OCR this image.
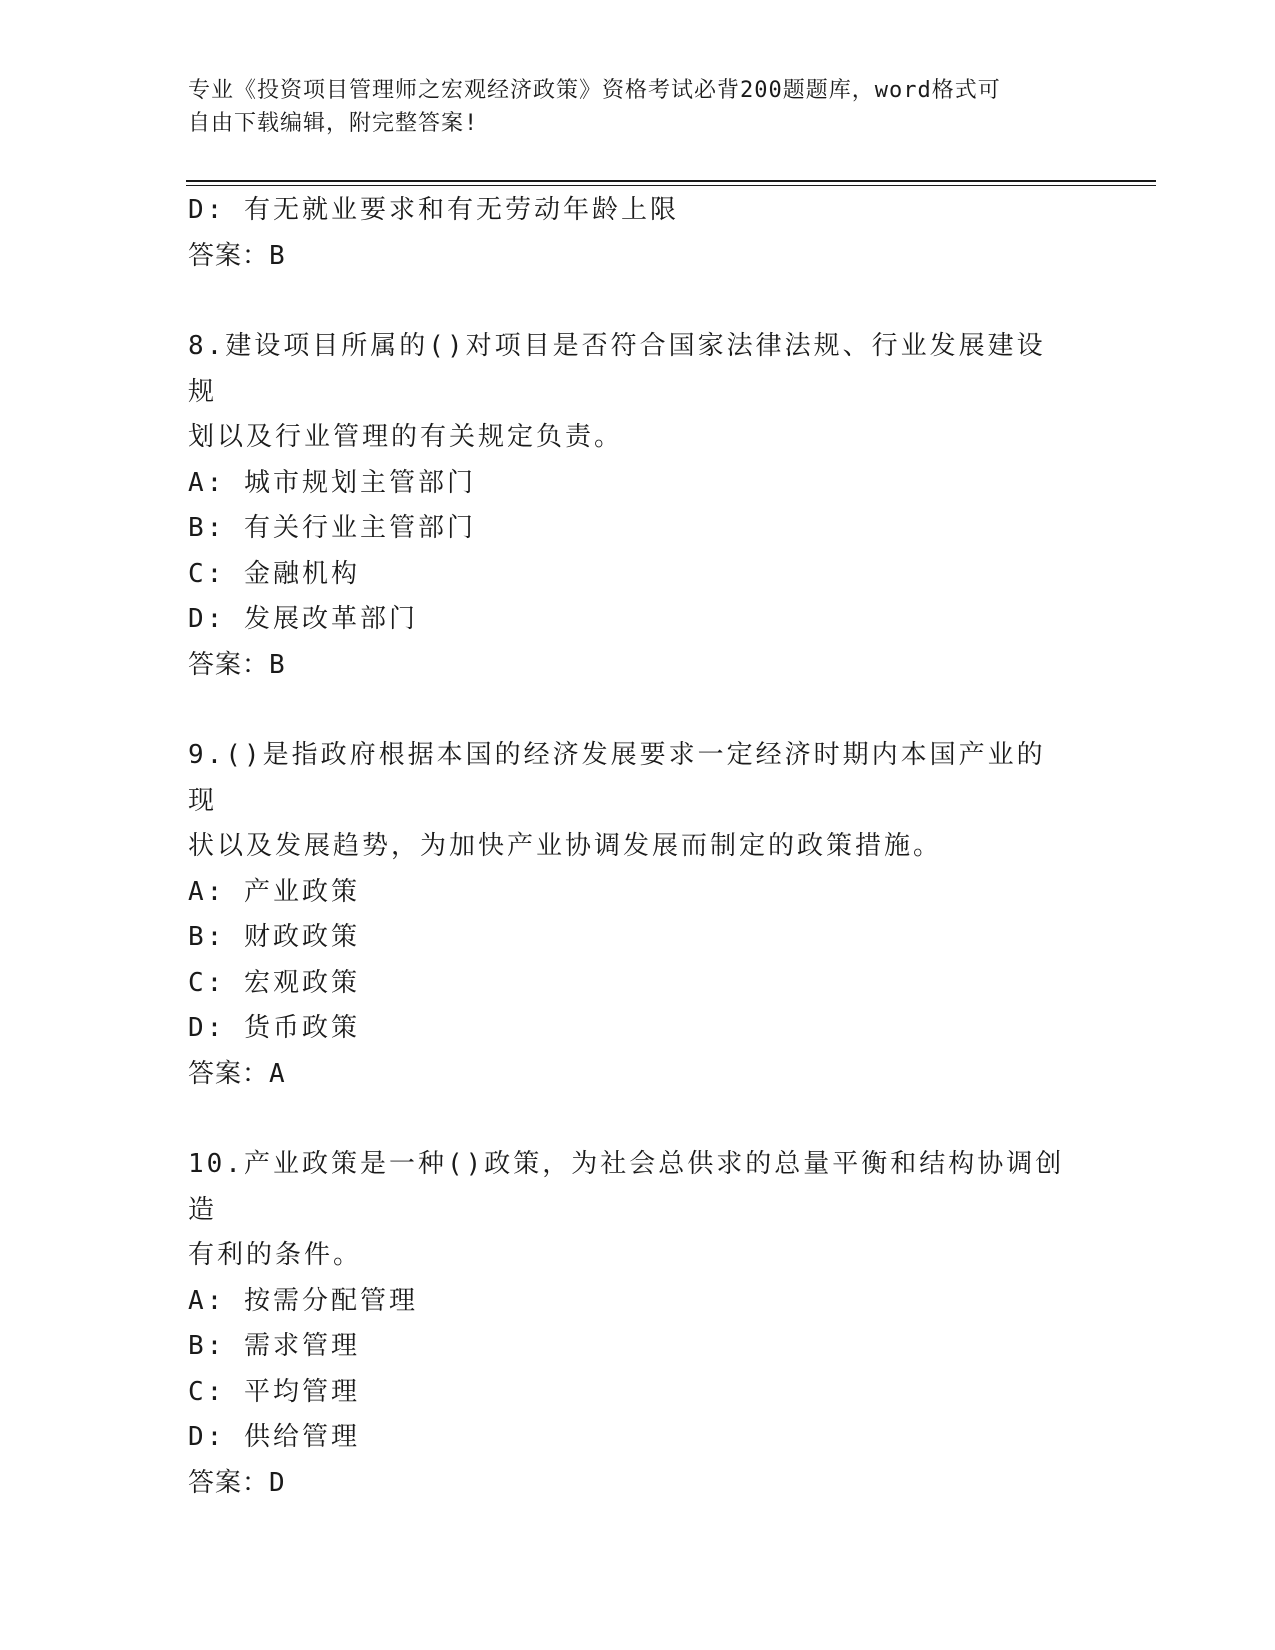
专业《投资项目管理师之宏观经济政策》资格考试必背200题题库，word格式可
自由下载编辑，附完整答案!
D: 有无就业要求和有无劳动年龄上限
答案：B
8.建设项目所属的()对项目是否符合国家法律法规、行业发展建设规
划以及行业管理的有关规定负责。
A: 城市规划主管部门
B: 有关行业主管部门
C: 金融机构
D: 发展改革部门
答案：B
9.()是指政府根据本国的经济发展要求一定经济时期内本国产业的现
状以及发展趋势，为加快产业协调发展而制定的政策措施。
A: 产业政策
B: 财政政策
C: 宏观政策
D: 货币政策
答案：A
10.产业政策是一种()政策，为社会总供求的总量平衡和结构协调创造
有利的条件。
A: 按需分配管理
B: 需求管理
C: 平均管理
D: 供给管理
答案：D
